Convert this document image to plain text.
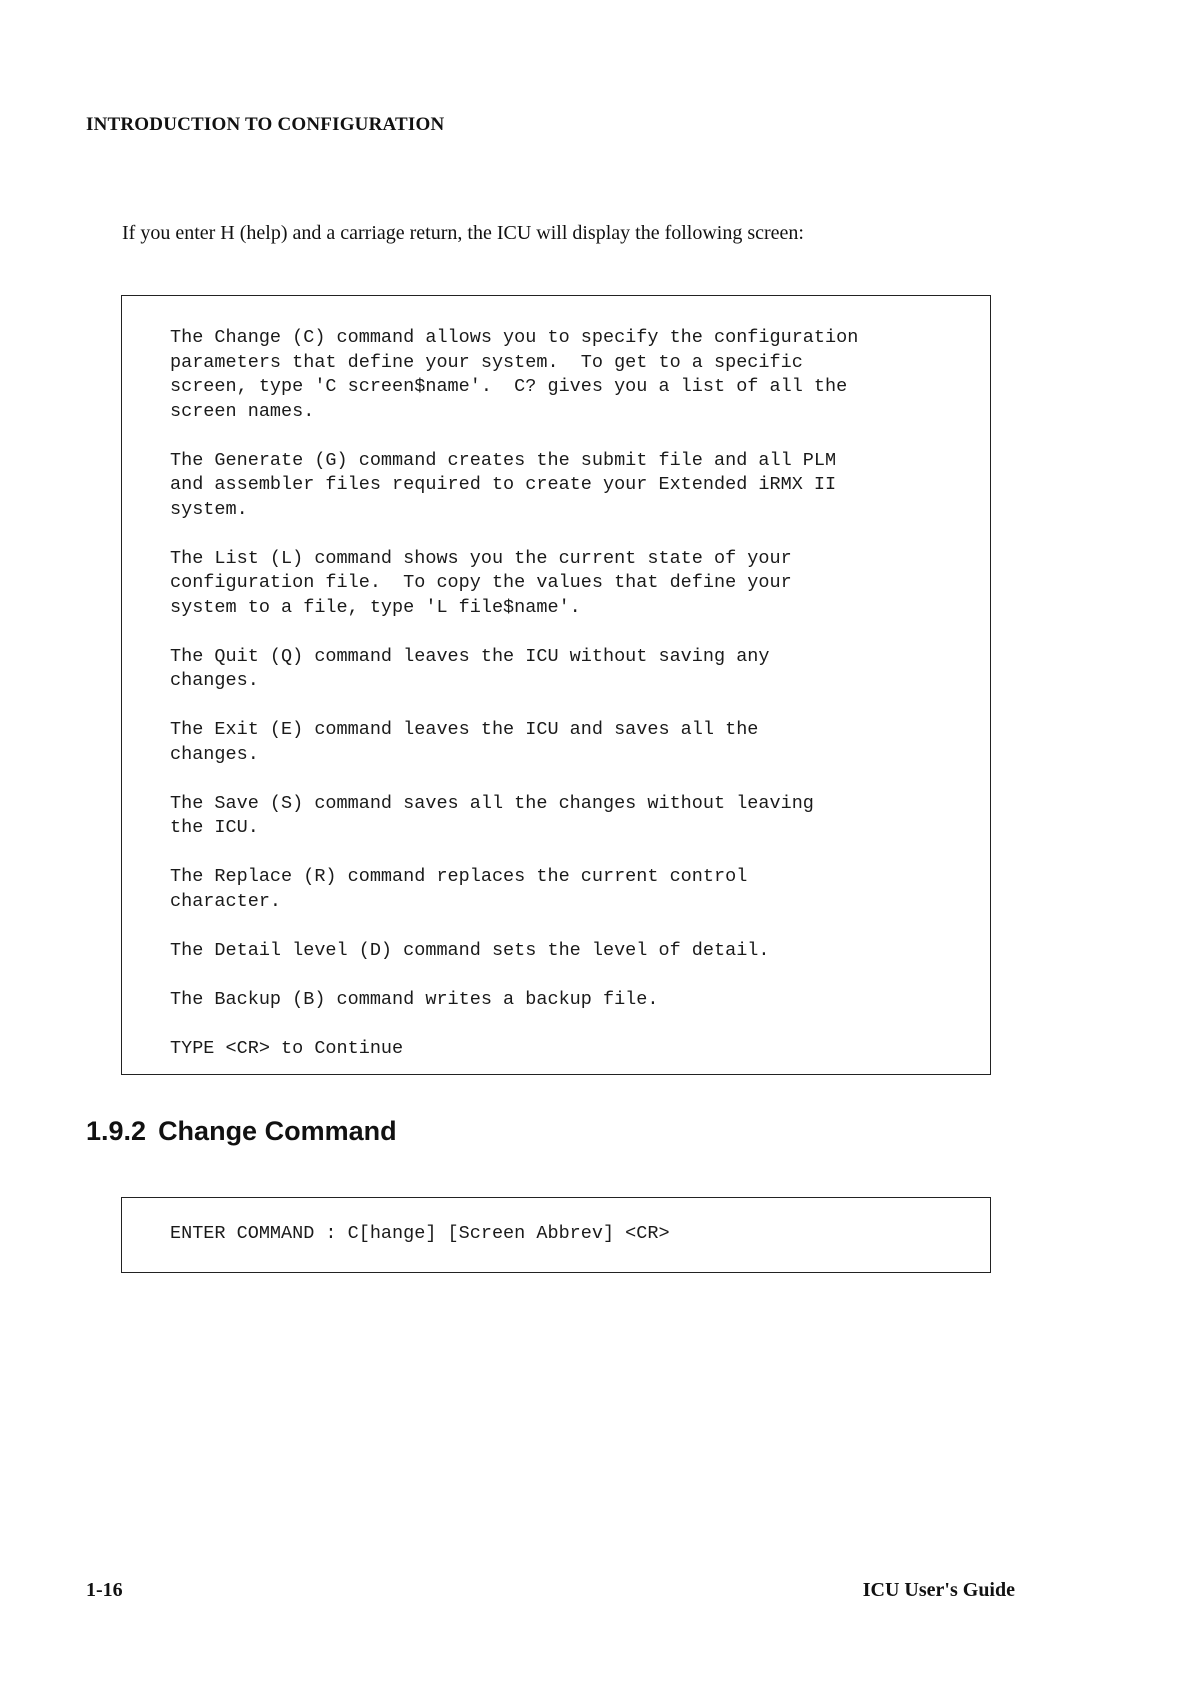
INTRODUCTION TO CONFIGURATION
If you enter H (help) and a carriage return, the ICU will display the following screen:
The Change (C) command allows you to specify the configuration
parameters that define your system.  To get to a specific
screen, type 'C screen$name'.  C? gives you a list of all the
screen names.
The Generate (G) command creates the submit file and all PLM
and assembler files required to create your Extended iRMX II
system.
The List (L) command shows you the current state of your
configuration file.  To copy the values that define your
system to a file, type 'L file$name'.
The Quit (Q) command leaves the ICU without saving any
changes.
The Exit (E) command leaves the ICU and saves all the
changes.
The Save (S) command saves all the changes without leaving
the ICU.
The Replace (R) command replaces the current control
character.
The Detail level (D) command sets the level of detail.
The Backup (B) command writes a backup file.
TYPE <CR> to Continue
1.9.2 Change Command
ENTER COMMAND : C[hange] [Screen Abbrev] <CR>
1-16	ICU User's Guide
